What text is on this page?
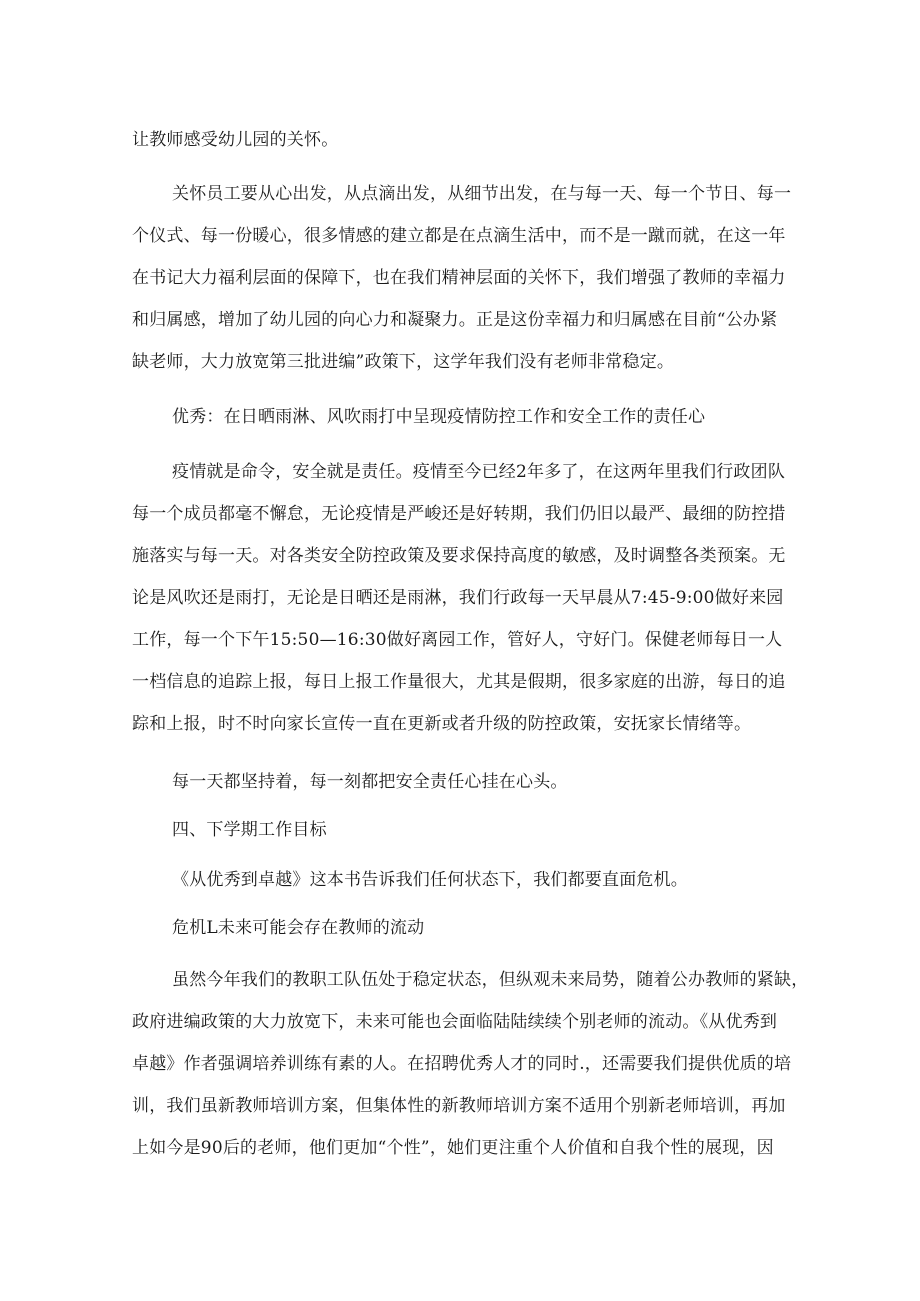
让教师感受幼儿园的关怀。
关怀员工要从心出发，从点滴出发，从细节出发，在与每一天、每一个节日、每一
个仪式、每一份暖心，很多情感的建立都是在点滴生活中，而不是一蹴而就，在这一年
在书记大力福利层面的保障下，也在我们精神层面的关怀下，我们增强了教师的幸福力
和归属感，增加了幼儿园的向心力和凝聚力。正是这份幸福力和归属感在目前“公办紧
缺老师，大力放宽第三批进编”政策下，这学年我们没有老师非常稳定。
优秀：在日晒雨淋、风吹雨打中呈现疫情防控工作和安全工作的责任心
疫情就是命令，安全就是责任。疫情至今已经2年多了，在这两年里我们行政团队
每一个成员都毫不懈怠，无论疫情是严峻还是好转期，我们仍旧以最严、最细的防控措
施落实与每一天。对各类安全防控政策及要求保持高度的敏感，及时调整各类预案。无
论是风吹还是雨打，无论是日晒还是雨淋，我们行政每一天早晨从7:45-9:00做好来园
工作，每一个下午15:50—16:30做好离园工作，管好人，守好门。保健老师每日一人
一档信息的追踪上报，每日上报工作量很大，尤其是假期，很多家庭的出游，每日的追
踪和上报，时不时向家长宣传一直在更新或者升级的防控政策，安抚家长情绪等。
每一天都坚持着，每一刻都把安全责任心挂在心头。
四、下学期工作目标
《从优秀到卓越》这本书告诉我们任何状态下，我们都要直面危机。
危机L未来可能会存在教师的流动
虽然今年我们的教职工队伍处于稳定状态，但纵观未来局势，随着公办教师的紧缺，
政府进编政策的大力放宽下，未来可能也会面临陆陆续续个别老师的流动。《从优秀到
卓越》作者强调培养训练有素的人。在招聘优秀人才的同时.，还需要我们提供优质的培
训，我们虽新教师培训方案，但集体性的新教师培训方案不适用个别新老师培训，再加
上如今是90后的老师，他们更加“个性”，她们更注重个人价值和自我个性的展现，因
